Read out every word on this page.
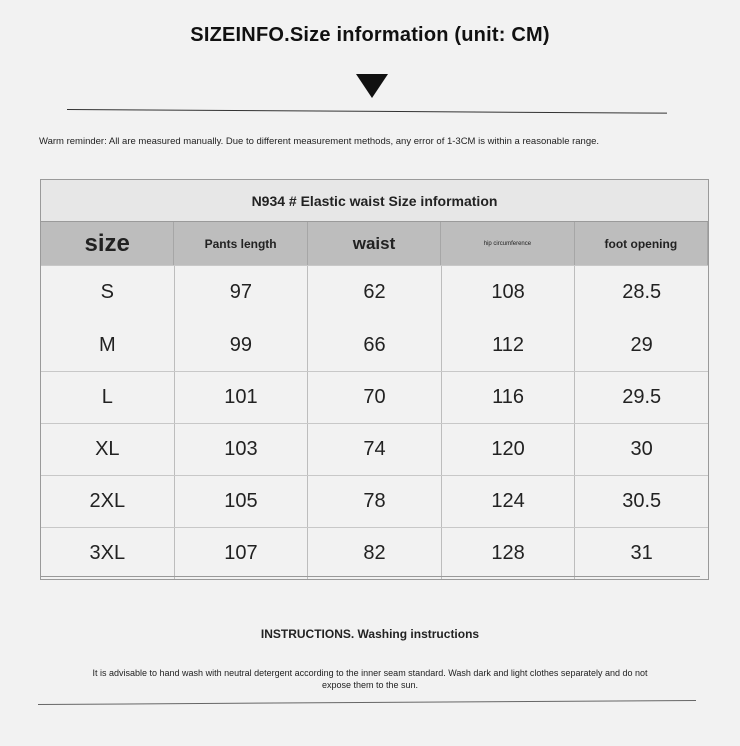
SIZEINFO.Size information (unit: CM)
Warm reminder: All are measured manually. Due to different measurement methods, any error of 1-3CM is within a reasonable range.
N934 # Elastic waist Size information
size	Pants length	waist	hip circumference	foot opening
S	97	62	108	28.5
M	99	66	112	29
L	101	70	116	29.5
XL	103	74	120	30
2XL	105	78	124	30.5
3XL	107	82	128	31
INSTRUCTIONS. Washing instructions
It is advisable to hand wash with neutral detergent according to the inner seam standard. Wash dark and light clothes separately and do not expose them to the sun.
